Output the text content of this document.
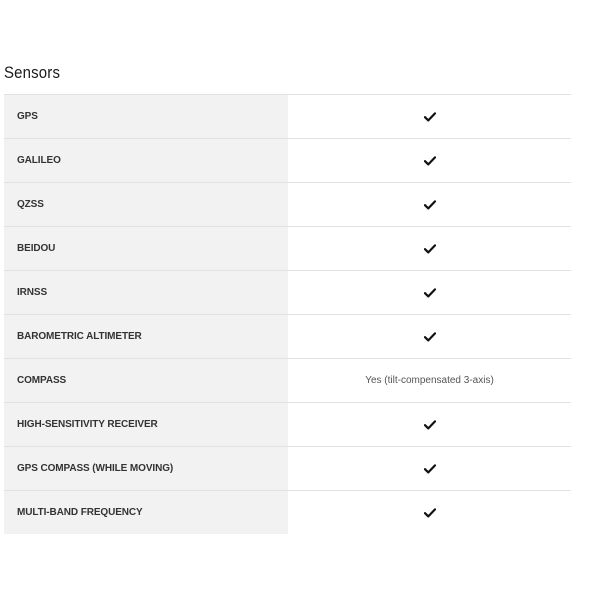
Sensors
GPS
GALILEO
QZSS
BEIDOU
IRNSS
BAROMETRIC ALTIMETER
COMPASS	Yes (tilt-compensated 3-axis)
HIGH-SENSITIVITY RECEIVER
GPS COMPASS (WHILE MOVING)
MULTI-BAND FREQUENCY
